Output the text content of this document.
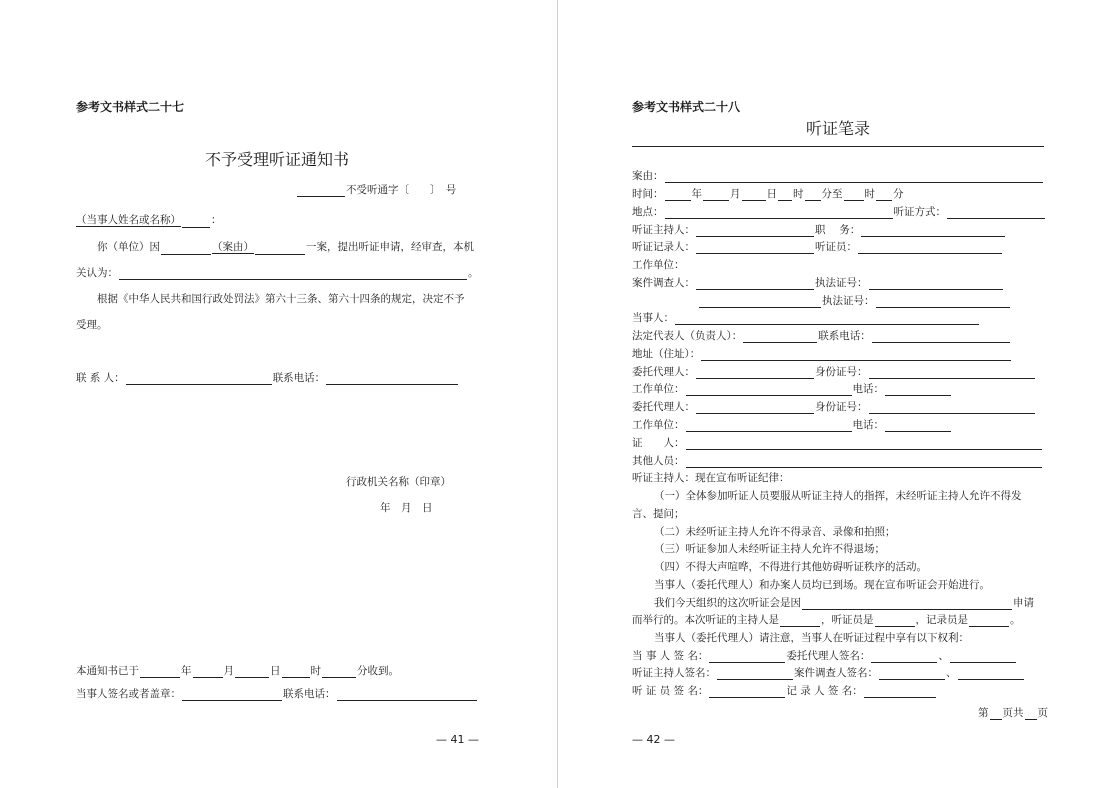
参考文书样式二十七
不予受理听证通知书
不受听通字〔　　〕　号
（当事人姓名或名称）	：
你（单位）因	（案由）	一案，提出听证申请，经审查，本机
关认为：	。
根据《中华人民共和国行政处罚法》第六十三条、第六十四条的规定，决定不予
受理。
联 系 人：	联系电话：
行政机关名称（印章）
年　月　日
本通知书已于	年	月	日	时	分收到。
当事人签名或者盖章：	联系电话：
— 41 —
参考文书样式二十八
听证笔录
案由：
时间：	年	月 日 时 分至 时 分
地点：	听证方式：
听证主持人：	职　 务：
听证记录人：	听证员：
工作单位：
案件调查人：	执法证号：
执法证号：
当事人：
法定代表人（负责人）：	联系电话：
地址（住址）：
委托代理人：	身份证号：
工作单位：	电话：
委托代理人：	身份证号：
工作单位：	电话：
证　　人：
其他人员：
听证主持人：现在宣布听证纪律：
（一）全体参加听证人员要服从听证主持人的指挥，未经听证主持人允许不得发
言、提问；
（二）未经听证主持人允许不得录音、录像和拍照；
（三）听证参加人未经听证主持人允许不得退场；
（四）不得大声喧哗，不得进行其他妨碍听证秩序的活动。
当事人（委托代理人）和办案人员均已到场。现在宣布听证会开始进行。
我们今天组织的这次听证会是因	申请
而举行的。本次听证的主持人是	，听证员是	，记录员是	。
当事人（委托代理人）请注意，当事人在听证过程中享有以下权利：
当 事 人 签 名：	委托代理人签名：	、
听证主持人签名：	案件调查人签名：	、
听 证 员 签 名：	记 录 人 签 名：
第 页共 页
— 42 —
